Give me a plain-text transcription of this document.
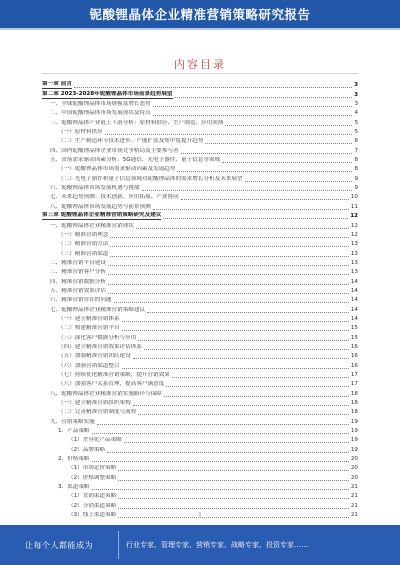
铌酸锂晶体企业精准营销策略研究报告
内容目录
第一章 前言	3
第二章 2023-2028年铌酸锂晶体市场前景趋势展望	3
一、全球铌酸锂晶体市场规模及增长态势	3
二、中国铌酸锂晶体市场发展现状及特点	4
三、铌酸锂晶体产业链上下游分析：原材料供应、生产制造、应用领域	5
（一）原材料供应	5
（二）生产制造环节技术进步、产能扩张及集中度提升趋势	6
四、国内铌酸锂晶体企业市场竞争格局及主要参与者	7
五、市场需求驱动因素分析：5G通信、光电子器件、量子信息等领域	8
（一）铌酸锂晶体市场需求驱动因素及发展趋势	8
（二）光电子器件和量子信息领域对铌酸锂晶体的需求增长分析及未来展望	9
六、铌酸锂晶体市场发展机遇与挑战	9
七、未来趋势预测：技术创新、应用拓展、产业协同	10
八、铌酸锂晶体市场发展趋势与前景预测	11
第三章 铌酸锂晶体企业精准营销策略研究及建议	12
一、铌酸锂晶体企业精准营销现状	12
（一）精准营销理念	12
（二）精准营销方法	13
（三）精准营销渠道	13
二、精准营销平台建设	13
三、精准营销客户分析	13
四、精准营销数据分析	14
五、精准营销效果评估	14
六、精准营销存在的问题	14
七、铌酸锂晶体企业精准营销策略建议	14
（一）建立精准营销体系	14
（二）构建精准营销平台	15
（三）深化客户数据分析与应用	15
（四）建立精准营销效果评估体系	16
（五）加强精准营销团队建设	16
（六）加强营销渠道整合	16
（七）持续优化精准营销策略，提升营销效果	17
（八）加强客户关系管理，提高客户满意度	17
八、铌酸锂晶体企业精准营销实施路径与保障	18
（一）建立精准营销组织架构	18
（二）完善精准营销制度与流程	18
九、营销策略实施	19
1、产品策略	19
（1）差异化产品策略	19
（2）品牌策略	19
2、价格策略	20
（1）市场定价策略	20
（2）价格调整策略	20
3、渠道策略	21
（1）直销渠道策略	21
（2）分销渠道策略	21
（3）线上渠道策略	21
1
让每个人都能成为	行业专家、管理专家、营销专家、战略专家、投资专家……
